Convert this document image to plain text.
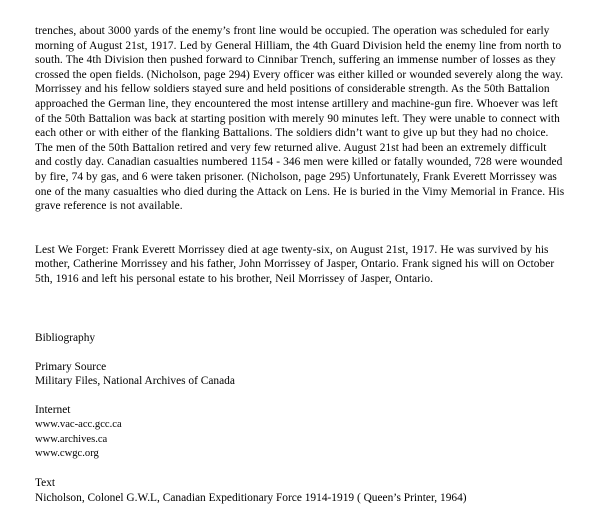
trenches, about 3000 yards of the enemy’s front line would be occupied. The operation was scheduled for early morning of August 21st, 1917. Led by General Hilliam, the 4th Guard Division held the enemy line from north to south. The 4th Division then pushed forward to Cinnibar Trench, suffering an immense number of losses as they crossed the open fields. (Nicholson, page 294) Every officer was either killed or wounded severely along the way. Morrissey and his fellow soldiers stayed sure and held positions of considerable strength. As the 50th Battalion approached the German line, they encountered the most intense artillery and machine-gun fire. Whoever was left of the 50th Battalion was back at starting position with merely 90 minutes left. They were unable to connect with each other or with either of the flanking Battalions. The soldiers didn’t want to give up but they had no choice. The men of the 50th Battalion retired and very few returned alive. August 21st had been an extremely difficult and costly day. Canadian casualties numbered 1154 - 346 men were killed or fatally wounded, 728 were wounded by fire, 74 by gas, and 6 were taken prisoner. (Nicholson, page 295) Unfortunately, Frank Everett Morrissey was one of the many casualties who died during the Attack on Lens. He is buried in the Vimy Memorial in France. His grave reference is not available.

Lest We Forget: Frank Everett Morrissey died at age twenty-six, on August 21st, 1917. He was survived by his mother, Catherine Morrissey and his father, John Morrissey of Jasper, Ontario. Frank signed his will on October 5th, 1916 and left his personal estate to his brother, Neil Morrissey of Jasper, Ontario.

Bibliography

Primary Source

Military Files, National Archives of Canada

Internet

www.vac-acc.gcc.ca

www.archives.ca

www.cwgc.org

Text

Nicholson, Colonel G.W.L, Canadian Expeditionary Force 1914-1919 ( Queen’s Printer, 1964)
